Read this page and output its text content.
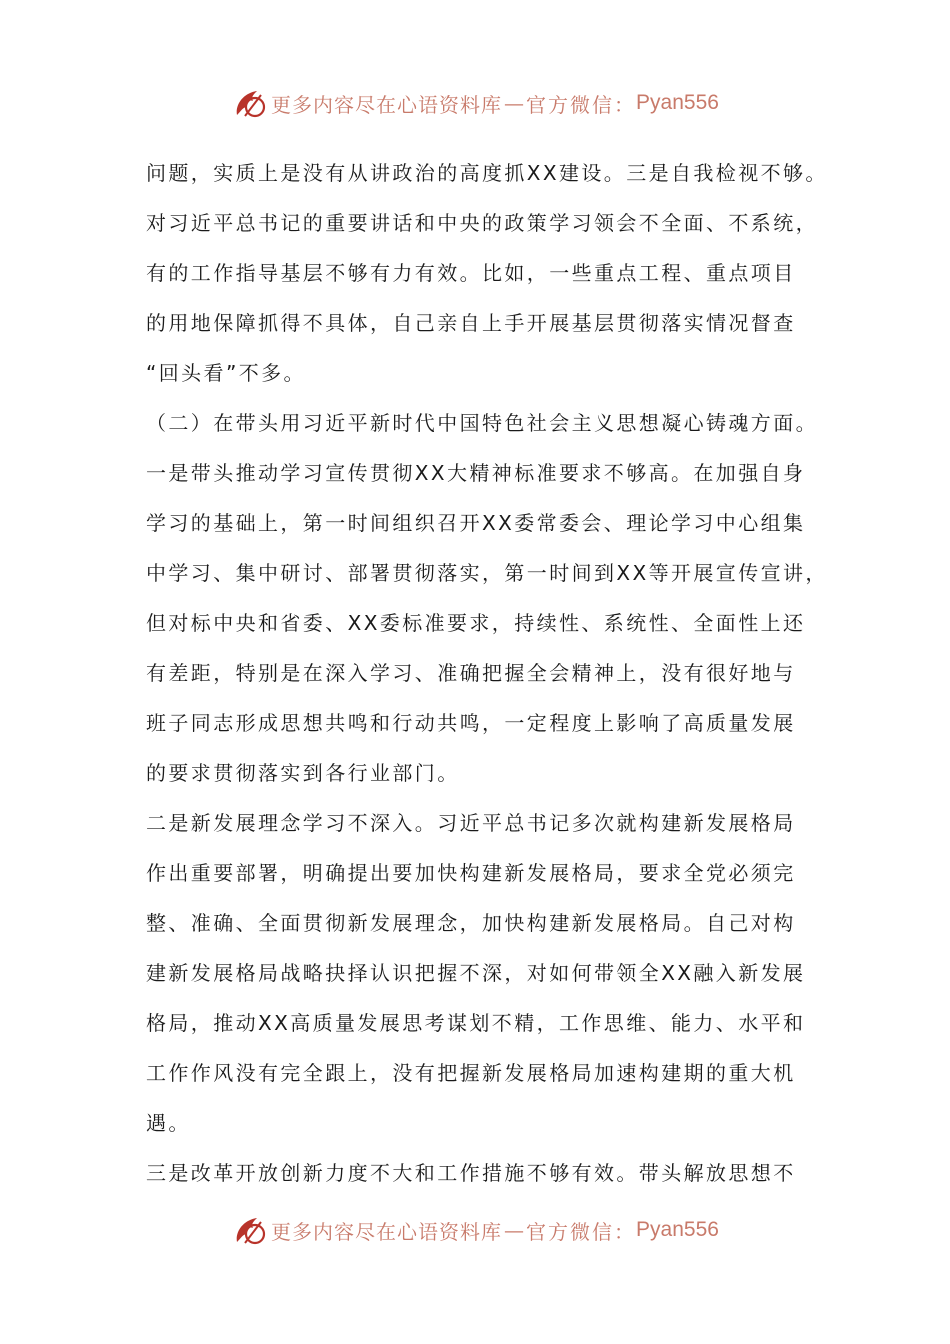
更多内容尽在心语资料库 — 官方微信： Pyan556
问题，实质上是没有从讲政治的高度抓XX建设。三是自我检视不够。
对习近平总书记的重要讲话和中央的政策学习领会不全面、不系统，
有的工作指导基层不够有力有效。比如，一些重点工程、重点项目
的用地保障抓得不具体，自己亲自上手开展基层贯彻落实情况督查
“回头看”不多。
（二）在带头用习近平新时代中国特色社会主义思想凝心铸魂方面。
一是带头推动学习宣传贯彻XX大精神标准要求不够高。在加强自身
学习的基础上，第一时间组织召开XX委常委会、理论学习中心组集
中学习、集中研讨、部署贯彻落实，第一时间到XX等开展宣传宣讲，
但对标中央和省委、XX委标准要求，持续性、系统性、全面性上还
有差距，特别是在深入学习、准确把握全会精神上，没有很好地与
班子同志形成思想共鸣和行动共鸣，一定程度上影响了高质量发展
的要求贯彻落实到各行业部门。
二是新发展理念学习不深入。习近平总书记多次就构建新发展格局
作出重要部署，明确提出要加快构建新发展格局，要求全党必须完
整、准确、全面贯彻新发展理念，加快构建新发展格局。自己对构
建新发展格局战略抉择认识把握不深，对如何带领全XX融入新发展
格局，推动XX高质量发展思考谋划不精，工作思维、能力、水平和
工作作风没有完全跟上，没有把握新发展格局加速构建期的重大机
遇。
三是改革开放创新力度不大和工作措施不够有效。带头解放思想不
更多内容尽在心语资料库 — 官方微信： Pyan556
